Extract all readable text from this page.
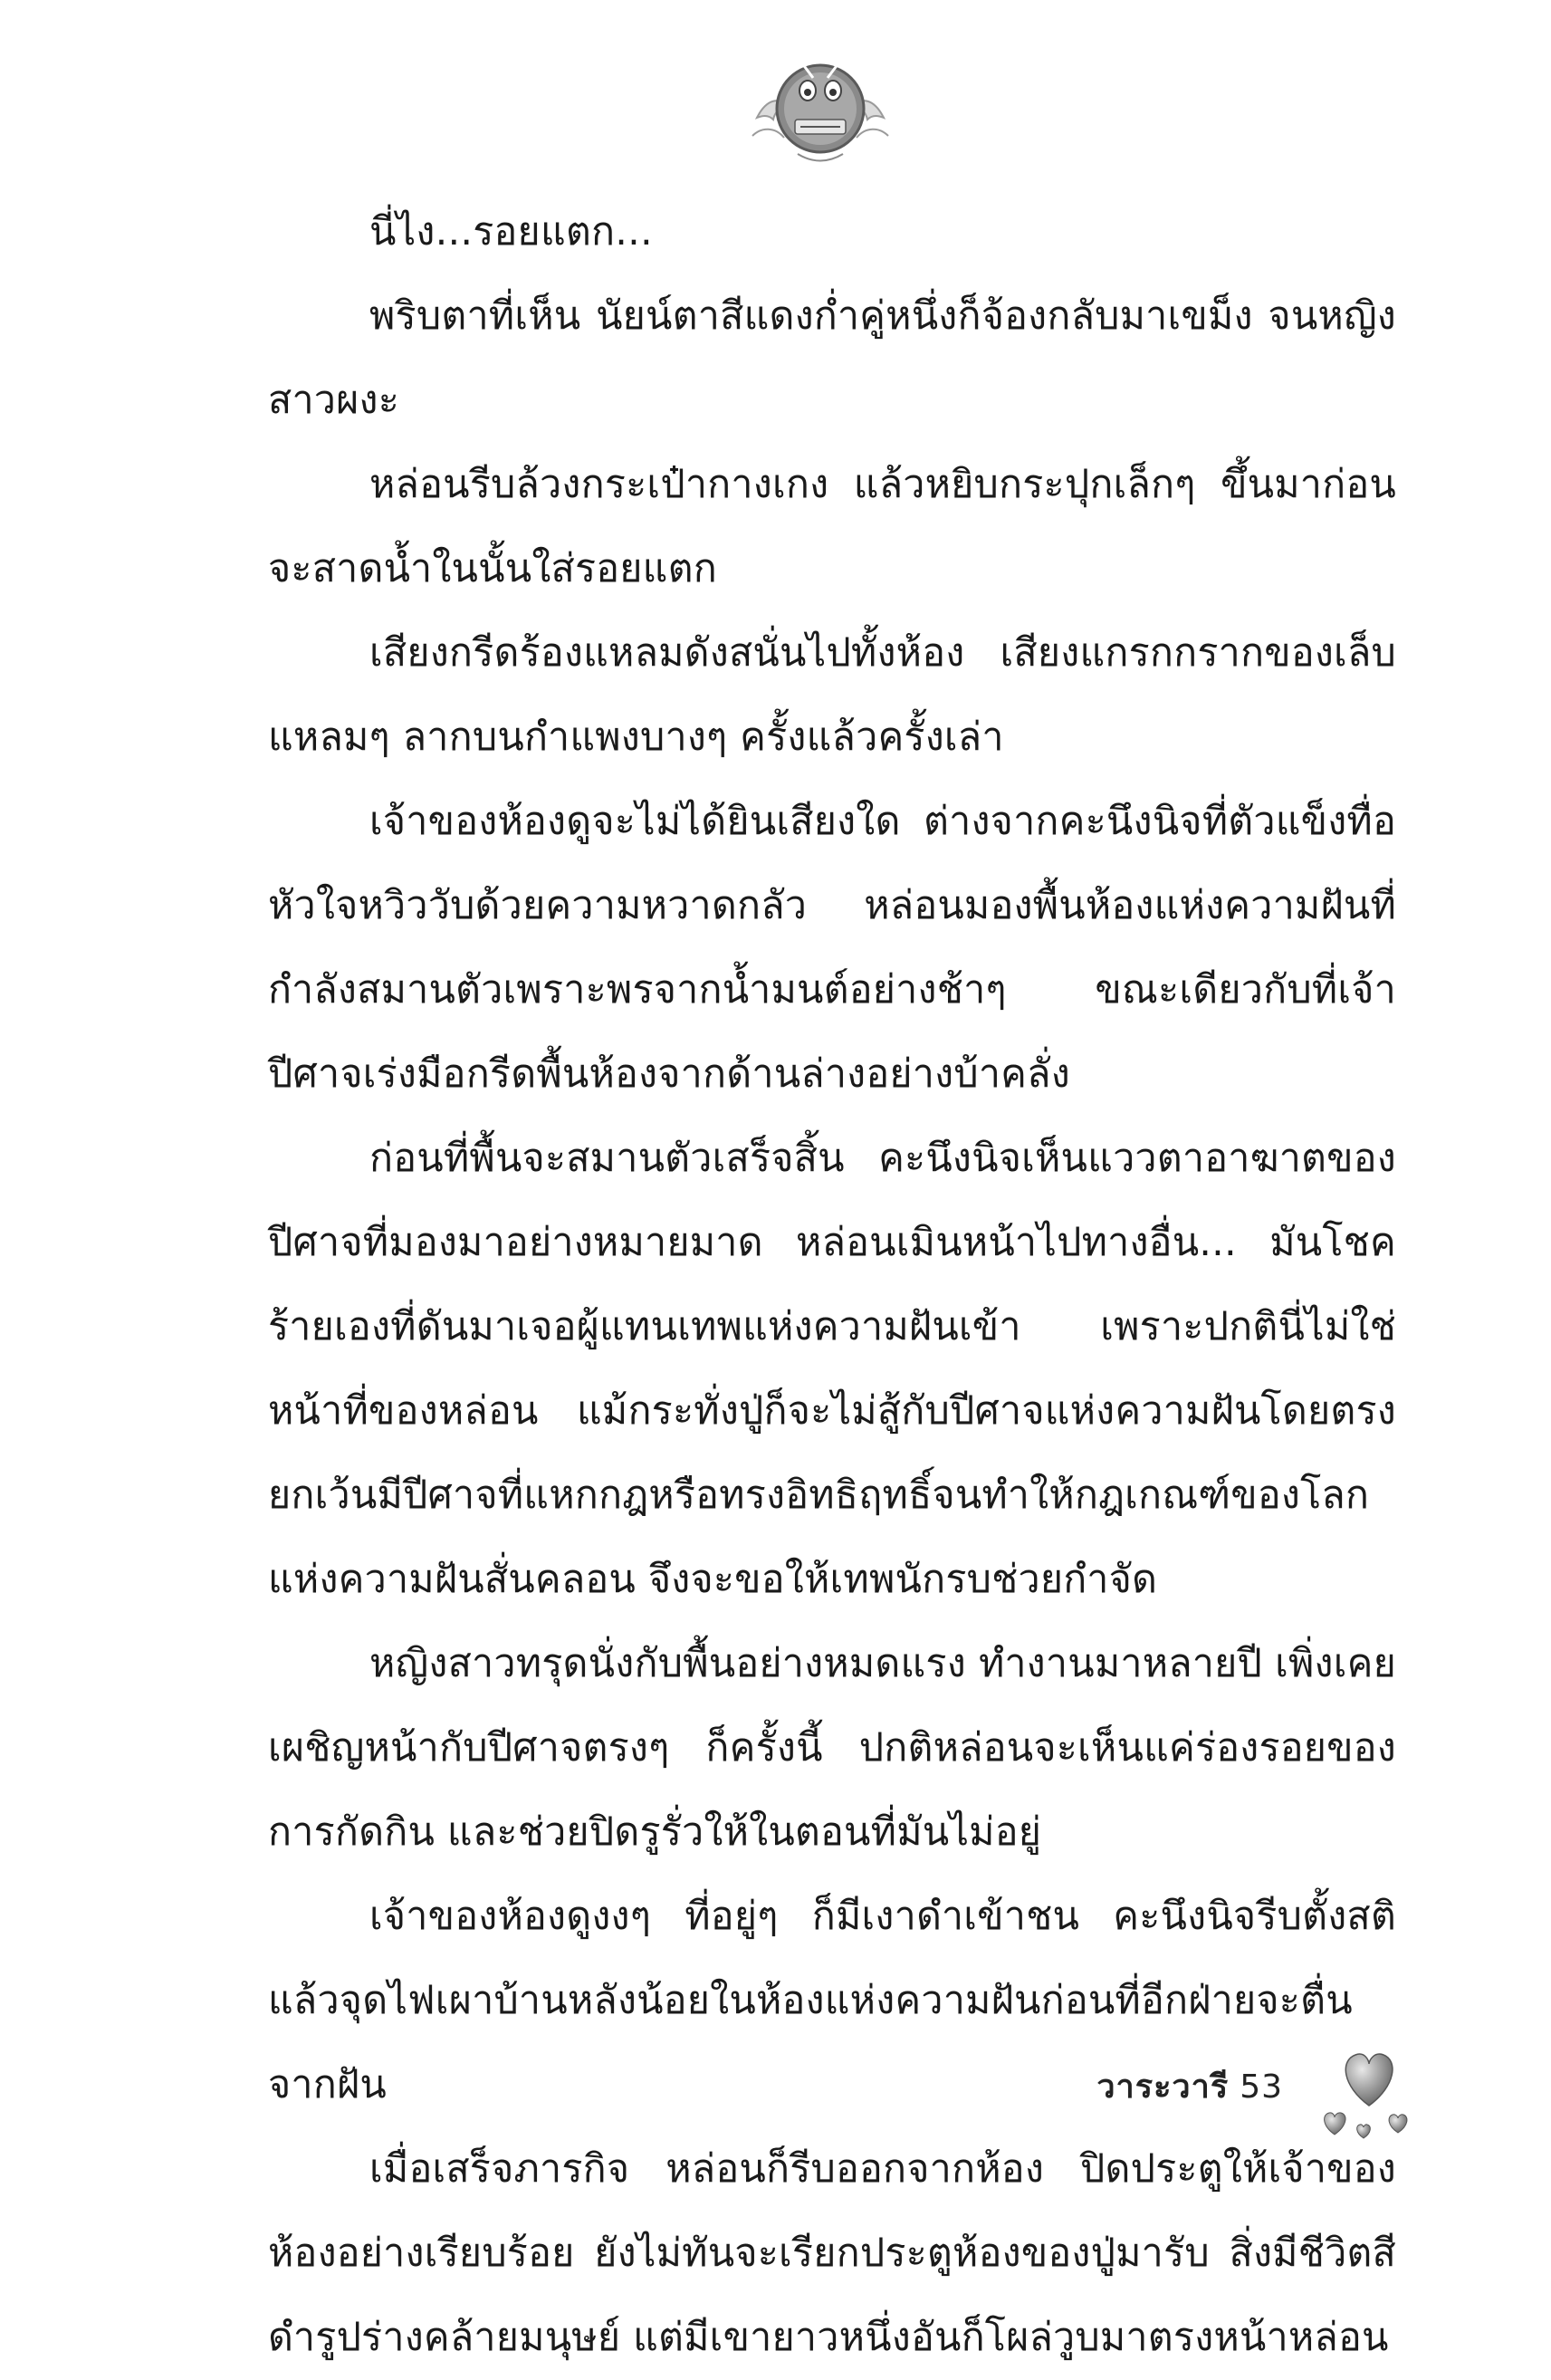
นี่ไง...รอยแตก...

พริบตาที่เห็น นัยน์ตาสีแดงก่ำคู่หนึ่งก็จ้องกลับมาเขม็ง จนหญิงสาวผงะ

หล่อนรีบล้วงกระเป๋ากางเกง แล้วหยิบกระปุกเล็กๆ ขึ้นมาก่อนจะสาดน้ำในนั้นใส่รอยแตก

เสียงกรีดร้องแหลมดังสนั่นไปทั้งห้อง เสียงแกรกกรากของเล็บแหลมๆ ลากบนกำแพงบางๆ ครั้งแล้วครั้งเล่า

เจ้าของห้องดูจะไม่ได้ยินเสียงใด ต่างจากคะนึงนิจที่ตัวแข็งทื่อหัวใจหวิววับด้วยความหวาดกลัว หล่อนมองพื้นห้องแห่งความฝันที่กำลังสมานตัวเพราะพรจากน้ำมนต์อย่างช้าๆ ขณะเดียวกับที่เจ้าปีศาจเร่งมือกรีดพื้นห้องจากด้านล่างอย่างบ้าคลั่ง

ก่อนที่พื้นจะสมานตัวเสร็จสิ้น คะนึงนิจเห็นแววตาอาฆาตของปีศาจที่มองมาอย่างหมายมาด หล่อนเมินหน้าไปทางอื่น... มันโชคร้ายเองที่ดันมาเจอผู้แทนเทพแห่งความฝันเข้า เพราะปกตินี่ไม่ใช่หน้าที่ของหล่อน แม้กระทั่งปู่ก็จะไม่สู้กับปีศาจแห่งความฝันโดยตรง ยกเว้นมีปีศาจที่แหกกฎหรือทรงอิทธิฤทธิ์จนทำให้กฎเกณฑ์ของโลกแห่งความฝันสั่นคลอน จึงจะขอให้เทพนักรบช่วยกำจัด

หญิงสาวทรุดนั่งกับพื้นอย่างหมดแรง ทำงานมาหลายปี เพิ่งเคยเผชิญหน้ากับปีศาจตรงๆ ก็ครั้งนี้ ปกติหล่อนจะเห็นแค่ร่องรอยของการกัดกิน และช่วยปิดรูรั่วให้ในตอนที่มันไม่อยู่

เจ้าของห้องดูงงๆ ที่อยู่ๆ ก็มีเงาดำเข้าชน คะนึงนิจรีบตั้งสติแล้วจุดไฟเผาบ้านหลังน้อยในห้องแห่งความฝันก่อนที่อีกฝ่ายจะตื่นจากฝัน

เมื่อเสร็จภารกิจ หล่อนก็รีบออกจากห้อง ปิดประตูให้เจ้าของห้องอย่างเรียบร้อย ยังไม่ทันจะเรียกประตูห้องของปู่มารับ สิ่งมีชีวิตสีดำรูปร่างคล้ายมนุษย์ แต่มีเขายาวหนึ่งอันก็โผล่วูบมาตรงหน้าหล่อน

วาระวารี 53
